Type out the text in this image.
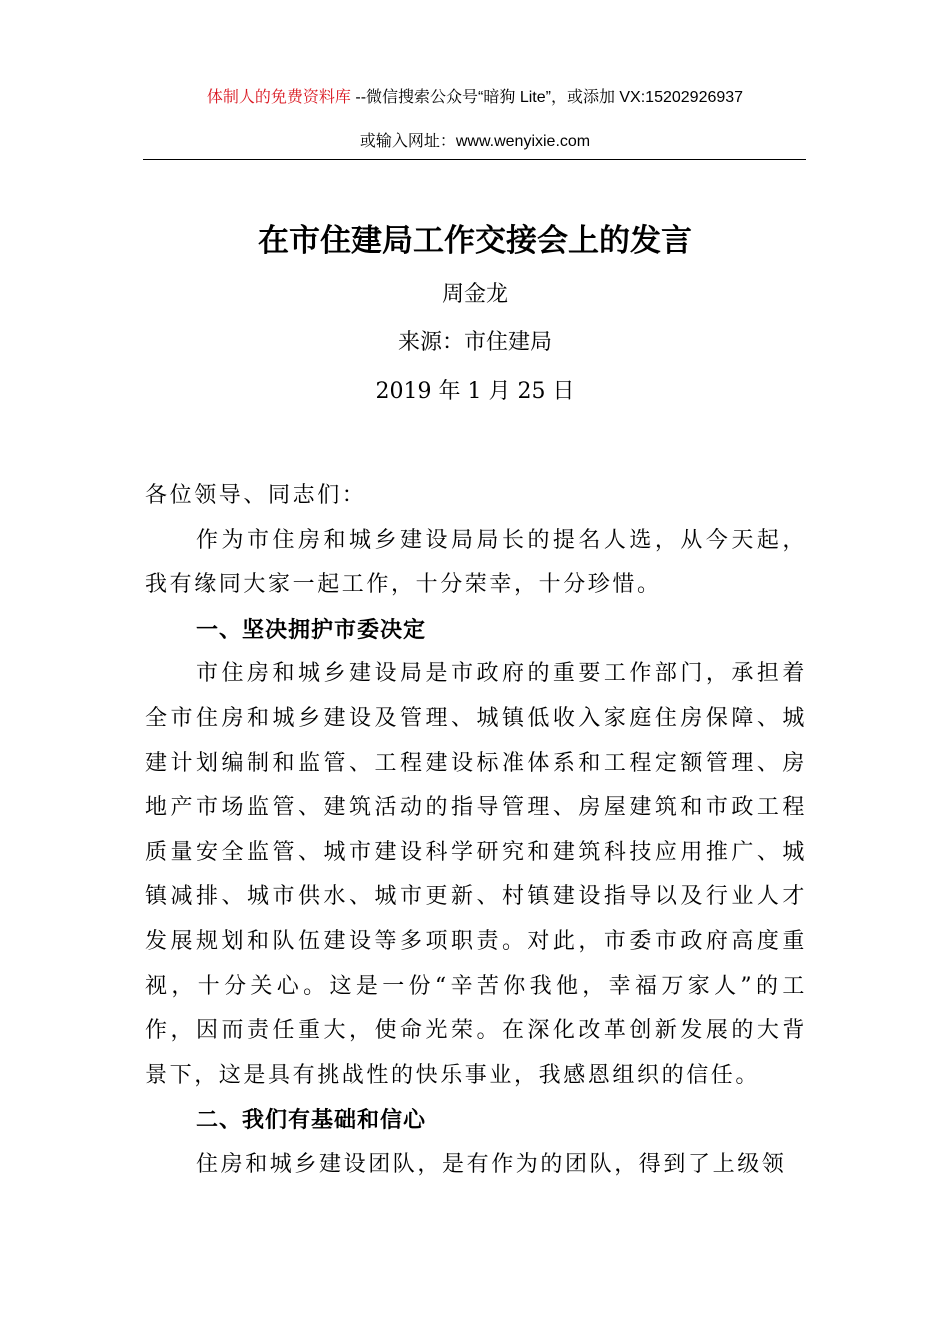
体制人的免费资料库 --微信搜索公众号“暗狗 Lite”，或添加 VX:15202926937
或输入网址：www.wenyixie.com
在市住建局工作交接会上的发言
周金龙
来源：市住建局
2019 年 1 月 25 日

各位领导、同志们：

作为市住房和城乡建设局局长的提名人选，从今天起，我有缘同大家一起工作，十分荣幸，十分珍惜。

一、坚决拥护市委决定

市住房和城乡建设局是市政府的重要工作部门，承担着全市住房和城乡建设及管理、城镇低收入家庭住房保障、城建计划编制和监管、工程建设标准体系和工程定额管理、房地产市场监管、建筑活动的指导管理、房屋建筑和市政工程质量安全监管、城市建设科学研究和建筑科技应用推广、城镇减排、城市供水、城市更新、村镇建设指导以及行业人才发展规划和队伍建设等多项职责。对此，市委市政府高度重视，十分关心。这是一份“辛苦你我他，幸福万家人”的工作，因而责任重大，使命光荣。在深化改革创新发展的大背景下，这是具有挑战性的快乐事业，我感恩组织的信任。

二、我们有基础和信心

住房和城乡建设团队，是有作为的团队，得到了上级领
